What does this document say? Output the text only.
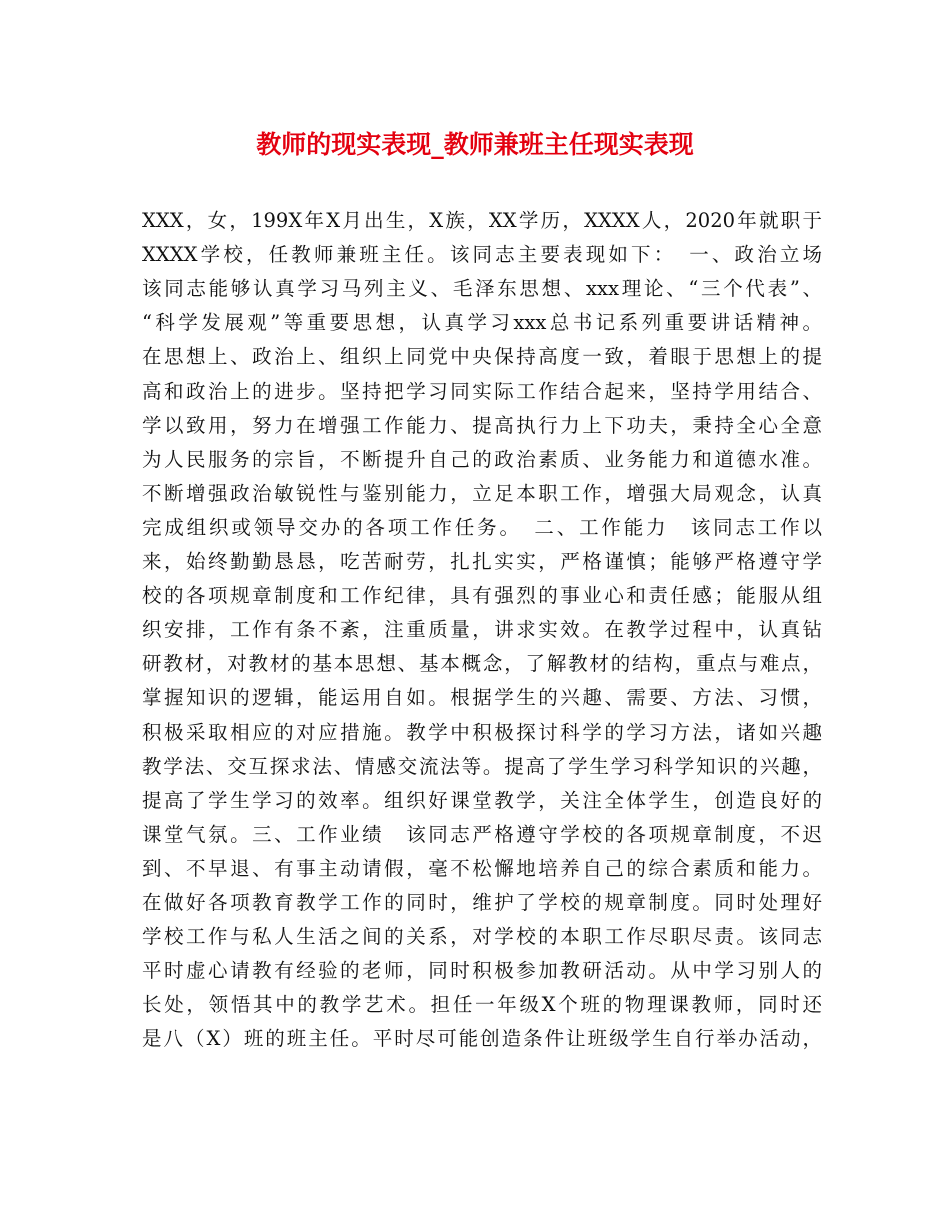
教师的现实表现_教师兼班主任现实表现
XXX，女，199X年X月出生，X族，XX学历，XXXX人，2020年就职于
XXXX学校，任教师兼班主任。该同志主要表现如下：　一、政治立场
该同志能够认真学习马列主义、毛泽东思想、xxx理论、“三个代表”、
“科学发展观”等重要思想，认真学习xxx总书记系列重要讲话精神。
在思想上、政治上、组织上同党中央保持高度一致，着眼于思想上的提
高和政治上的进步。坚持把学习同实际工作结合起来，坚持学用结合、
学以致用，努力在增强工作能力、提高执行力上下功夫，秉持全心全意
为人民服务的宗旨，不断提升自己的政治素质、业务能力和道德水准。
不断增强政治敏锐性与鉴别能力，立足本职工作，增强大局观念，认真
完成组织或领导交办的各项工作任务。　二、工作能力　该同志工作以
来，始终勤勤恳恳，吃苦耐劳，扎扎实实，严格谨慎；能够严格遵守学
校的各项规章制度和工作纪律，具有强烈的事业心和责任感；能服从组
织安排，工作有条不紊，注重质量，讲求实效。在教学过程中，认真钻
研教材，对教材的基本思想、基本概念，了解教材的结构，重点与难点，
掌握知识的逻辑，能运用自如。根据学生的兴趣、需要、方法、习惯，
积极采取相应的对应措施。教学中积极探讨科学的学习方法，诸如兴趣
教学法、交互探求法、情感交流法等。提高了学生学习科学知识的兴趣，
提高了学生学习的效率。组织好课堂教学，关注全体学生，创造良好的
课堂气氛。三、工作业绩　该同志严格遵守学校的各项规章制度，不迟
到、不早退、有事主动请假，毫不松懈地培养自己的综合素质和能力。
在做好各项教育教学工作的同时，维护了学校的规章制度。同时处理好
学校工作与私人生活之间的关系，对学校的本职工作尽职尽责。该同志
平时虚心请教有经验的老师，同时积极参加教研活动。从中学习别人的
长处，领悟其中的教学艺术。担任一年级X个班的物理课教师，同时还
是八（X）班的班主任。平时尽可能创造条件让班级学生自行举办活动，
